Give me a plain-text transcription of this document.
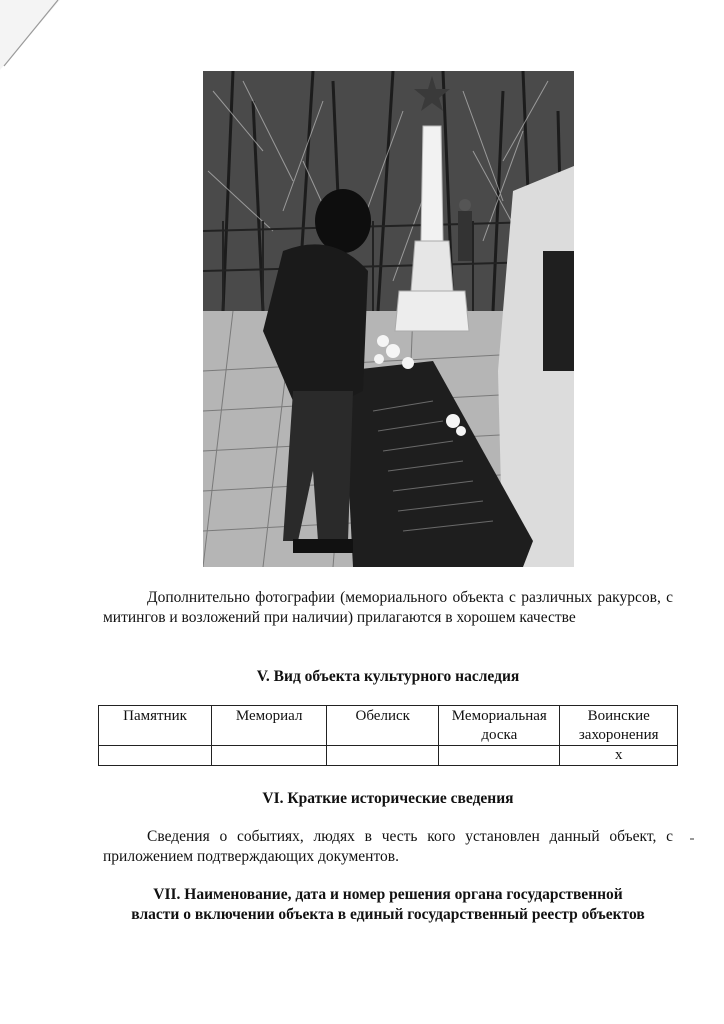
Дополнительно фотографии (мемориального объекта с различных ракурсов, с митингов и возложений при наличии) прилагаются в хорошем качестве

V. Вид объекта культурного наследия
Памятник	Мемориал	Обелиск	Мемориальная доска	Воинские захоронения
				х
VI. Краткие исторические сведения

Сведения о событиях, людях в честь кого установлен данный объект, с приложением подтверждающих документов.

VII. Наименование, дата и номер решения органа государственной
власти о включении объекта в единый государственный реестр объектов
